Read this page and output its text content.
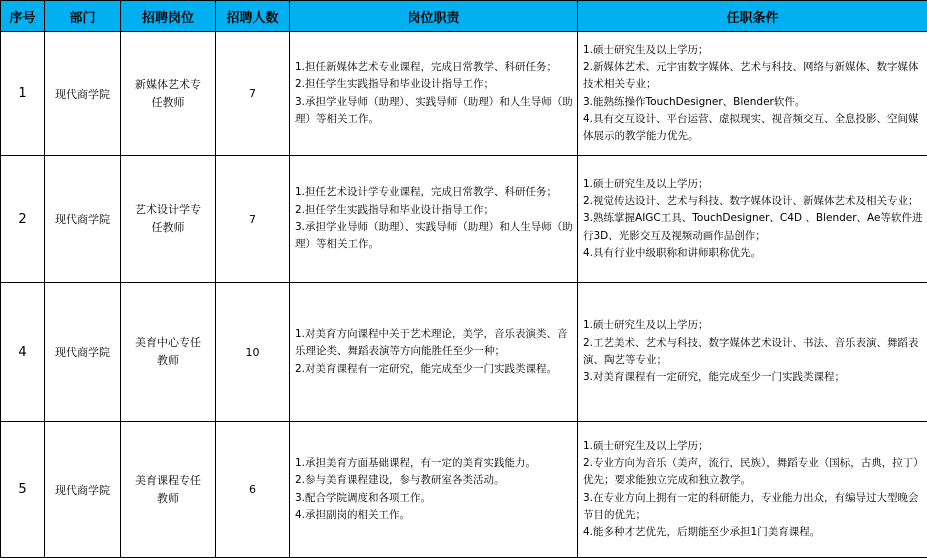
序号	部门	招聘岗位	招聘人数	岗位职责	任职条件
1	现代商学院	新媒体艺术专任教师	7	1.担任新媒体艺术专业课程，完成日常教学、科研任务；
2.担任学生实践指导和毕业设计指导工作；
3.承担学业导师（助理）、实践导师（助理）和人生导师（助理）等相关工作。	1.硕士研究生及以上学历；
2.新媒体艺术、元宇宙数字媒体、艺术与科技、网络与新媒体、数字媒体技术相关专业；
3.能熟练操作TouchDesigner、Blender软件。
4.具有交互设计、平台运营、虚拟现实、视音频交互、全息投影、空间媒体展示的教学能力优先。

2	现代商学院	艺术设计学专任教师	7	1.担任艺术设计学专业课程，完成日常教学、科研任务；
2.担任学生实践指导和毕业设计指导工作；
3.承担学业导师（助理）、实践导师（助理）和人生导师（助理）等相关工作。	1.硕士研究生及以上学历；
2.视觉传达设计、艺术与科技、数字媒体设计、新媒体艺术及相关专业；
3.熟练掌握AIGC工具、TouchDesigner、C4D 、Blender、Ae等软件进行3D、光影交互及视频动画作品创作；
4.具有行业中级职称和讲师职称优先。

4	现代商学院	美育中心专任教师	10	1.对美育方向课程中关于艺术理论，美学，音乐表演类、音乐理论类、舞蹈表演等方向能胜任至少一种；
2.对美育课程有一定研究，能完成至少一门实践类课程。	1.硕士研究生及以上学历；
2.工艺美术、艺术与科技、数字媒体艺术设计、书法、音乐表演、舞蹈表演、陶艺等专业；
3.对美育课程有一定研究，能完成至少一门实践类课程；

5	现代商学院	美育课程专任教师	6	1.承担美育方面基础课程，有一定的美育实践能力。
2.参与美育课程建设，参与教研室各类活动。
3.配合学院调度和各项工作。
4.承担副岗的相关工作。	1.硕士研究生及以上学历；
2.专业方向为音乐（美声，流行，民族），舞蹈专业（国标，古典，拉丁）优先；要求能独立完成和独立教学。
3.在专业方向上拥有一定的科研能力，专业能力出众，有编导过大型晚会节目的优先；
4.能多种才艺优先，后期能至少承担1门美育课程。
